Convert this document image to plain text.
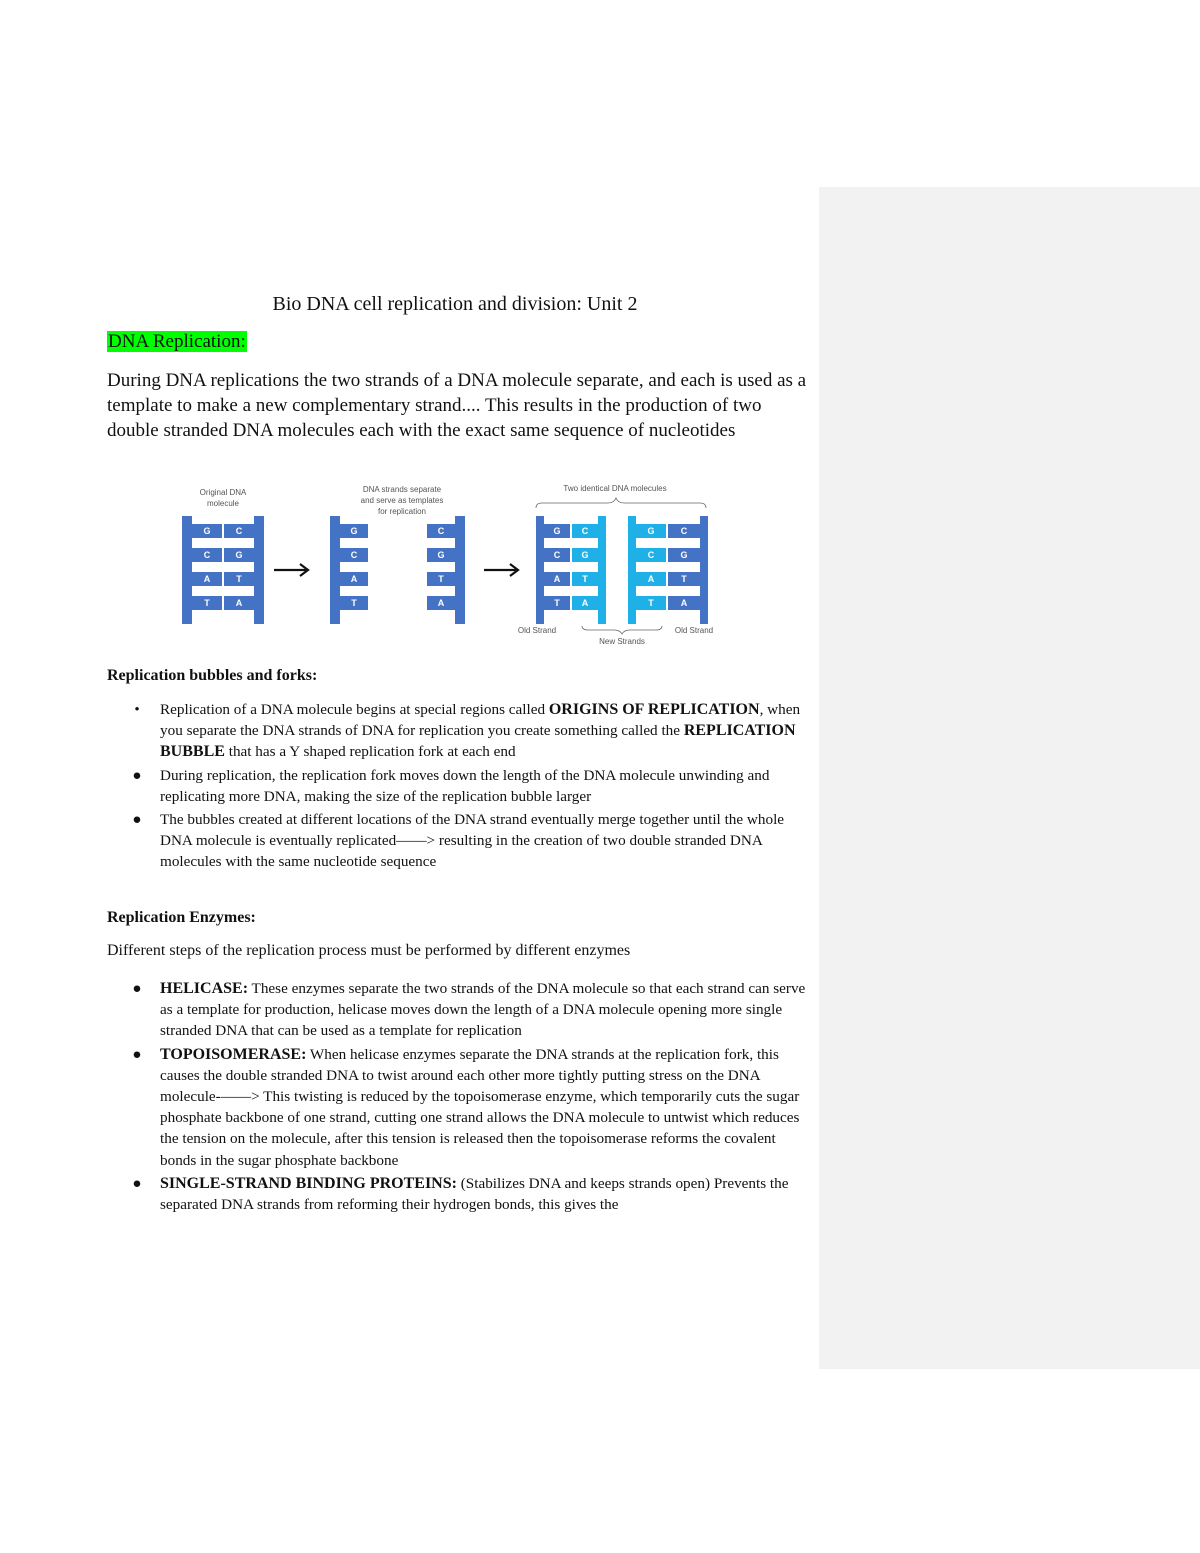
Bio DNA cell replication and division: Unit 2
DNA Replication:
During DNA replications the two strands of a DNA molecule separate, and each is used as a template to make a new complementary strand.... This results in the production of two double stranded DNA molecules each with the exact same sequence of nucleotides
Original DNA
molecule
DNA strands separate
and serve as templates
for replication
Two identical DNA molecules
G	C
C	G
A	T
T	A
G	C
C	G
A	T
T	A
G C	G	C
C G	C	G
A T	A	T
T A	T	A
Old Strand	Old Strand
New Strands
Replication bubbles and forks:
•	Replication of a DNA molecule begins at special regions called ORIGINS OF REPLICATION, when you separate the DNA strands of DNA for replication you create something called the REPLICATION BUBBLE that has a Y shaped replication fork at each end
● During replication, the replication fork moves down the length of the DNA molecule unwinding and replicating more DNA, making the size of the replication bubble larger
● The bubbles created at different locations of the DNA strand eventually merge together until the whole DNA molecule is eventually replicated——> resulting in the creation of two double stranded DNA molecules with the same nucleotide sequence
Replication Enzymes:
Different steps of the replication process must be performed by different enzymes
● HELICASE: These enzymes separate the two strands of the DNA molecule so that each strand can serve as a template for production, helicase moves down the length of a DNA molecule opening more single stranded DNA that can be used as a template for replication
● TOPOISOMERASE: When helicase enzymes separate the DNA strands at the replication fork, this causes the double stranded DNA to twist around each other more tightly putting stress on the DNA molecule-——> This twisting is reduced by the topoisomerase enzyme, which temporarily cuts the sugar phosphate backbone of one strand, cutting one strand allows the DNA molecule to untwist which reduces the tension on the molecule, after this tension is released then the topoisomerase reforms the covalent bonds in the sugar phosphate backbone
● SINGLE-STRAND BINDING PROTEINS: (Stabilizes DNA and keeps strands open) Prevents the separated DNA strands from reforming their hydrogen bonds, this gives the
